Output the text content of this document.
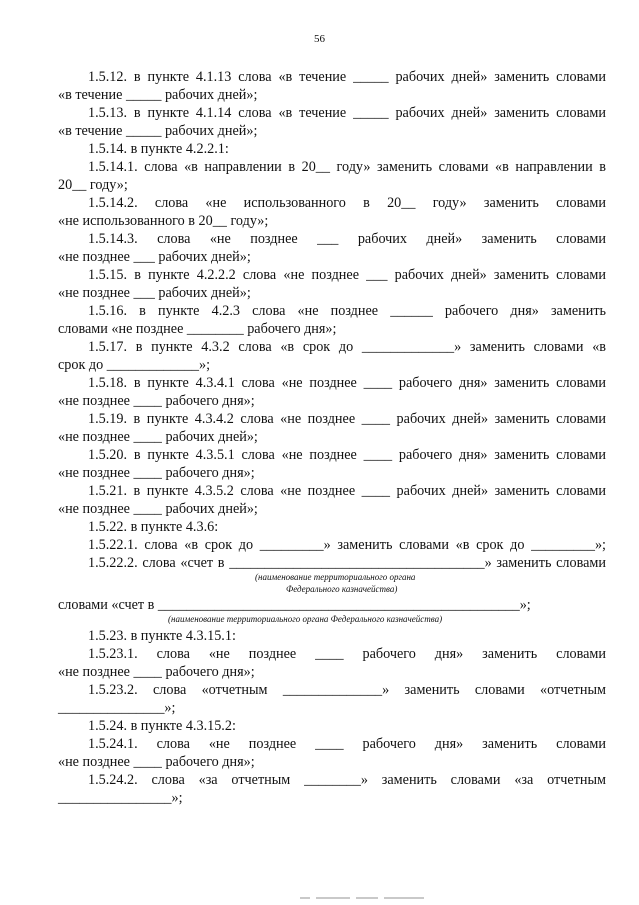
56
1.5.12. в пункте 4.1.13 слова «в течение _____ рабочих дней» заменить словами
«в течение _____ рабочих дней»;
1.5.13. в пункте 4.1.14 слова «в течение _____ рабочих дней» заменить словами
«в течение _____ рабочих дней»;
1.5.14. в пункте 4.2.2.1:
1.5.14.1. слова «в направлении в 20__ году» заменить словами «в направлении в
20__ году»;
1.5.14.2. слова «не использованного в 20__ году» заменить словами
«не использованного в 20__ году»;
1.5.14.3. слова «не позднее ___ рабочих дней» заменить словами
«не позднее ___ рабочих дней»;
1.5.15. в пункте 4.2.2.2 слова «не позднее ___ рабочих дней» заменить словами
«не позднее ___ рабочих дней»;
1.5.16. в пункте 4.2.3 слова «не позднее ______ рабочего дня» заменить
словами «не позднее ________ рабочего дня»;
1.5.17. в пункте 4.3.2 слова «в срок до _____________» заменить словами «в
срок до _____________»;
1.5.18. в пункте 4.3.4.1 слова «не позднее ____ рабочего дня» заменить словами
«не позднее ____ рабочего дня»;
1.5.19. в пункте 4.3.4.2 слова «не позднее ____ рабочих дней» заменить словами
«не позднее ____ рабочих дней»;
1.5.20. в пункте 4.3.5.1 слова «не позднее ____ рабочего дня» заменить словами
«не позднее ____ рабочего дня»;
1.5.21. в пункте 4.3.5.2 слова «не позднее ____ рабочих дней» заменить словами
«не позднее ____ рабочих дней»;
1.5.22. в пункте 4.3.6:
1.5.22.1. слова «в срок до _________» заменить словами «в срок до _________»;
1.5.22.2. слова «счет в ____________________________________» заменить словами
(наименование территориального органа
Федерального казначейства)
словами «счет в ___________________________________________________»;
(наименование территориального органа Федерального казначейства)
1.5.23. в пункте 4.3.15.1:
1.5.23.1. слова «не позднее ____ рабочего дня» заменить словами
«не позднее ____ рабочего дня»;
1.5.23.2. слова «отчетным ______________» заменить словами «отчетным
_______________»;
1.5.24. в пункте 4.3.15.2:
1.5.24.1. слова «не позднее ____ рабочего дня» заменить словами
«не позднее ____ рабочего дня»;
1.5.24.2. слова «за отчетным ________» заменить словами «за отчетным
________________»;
